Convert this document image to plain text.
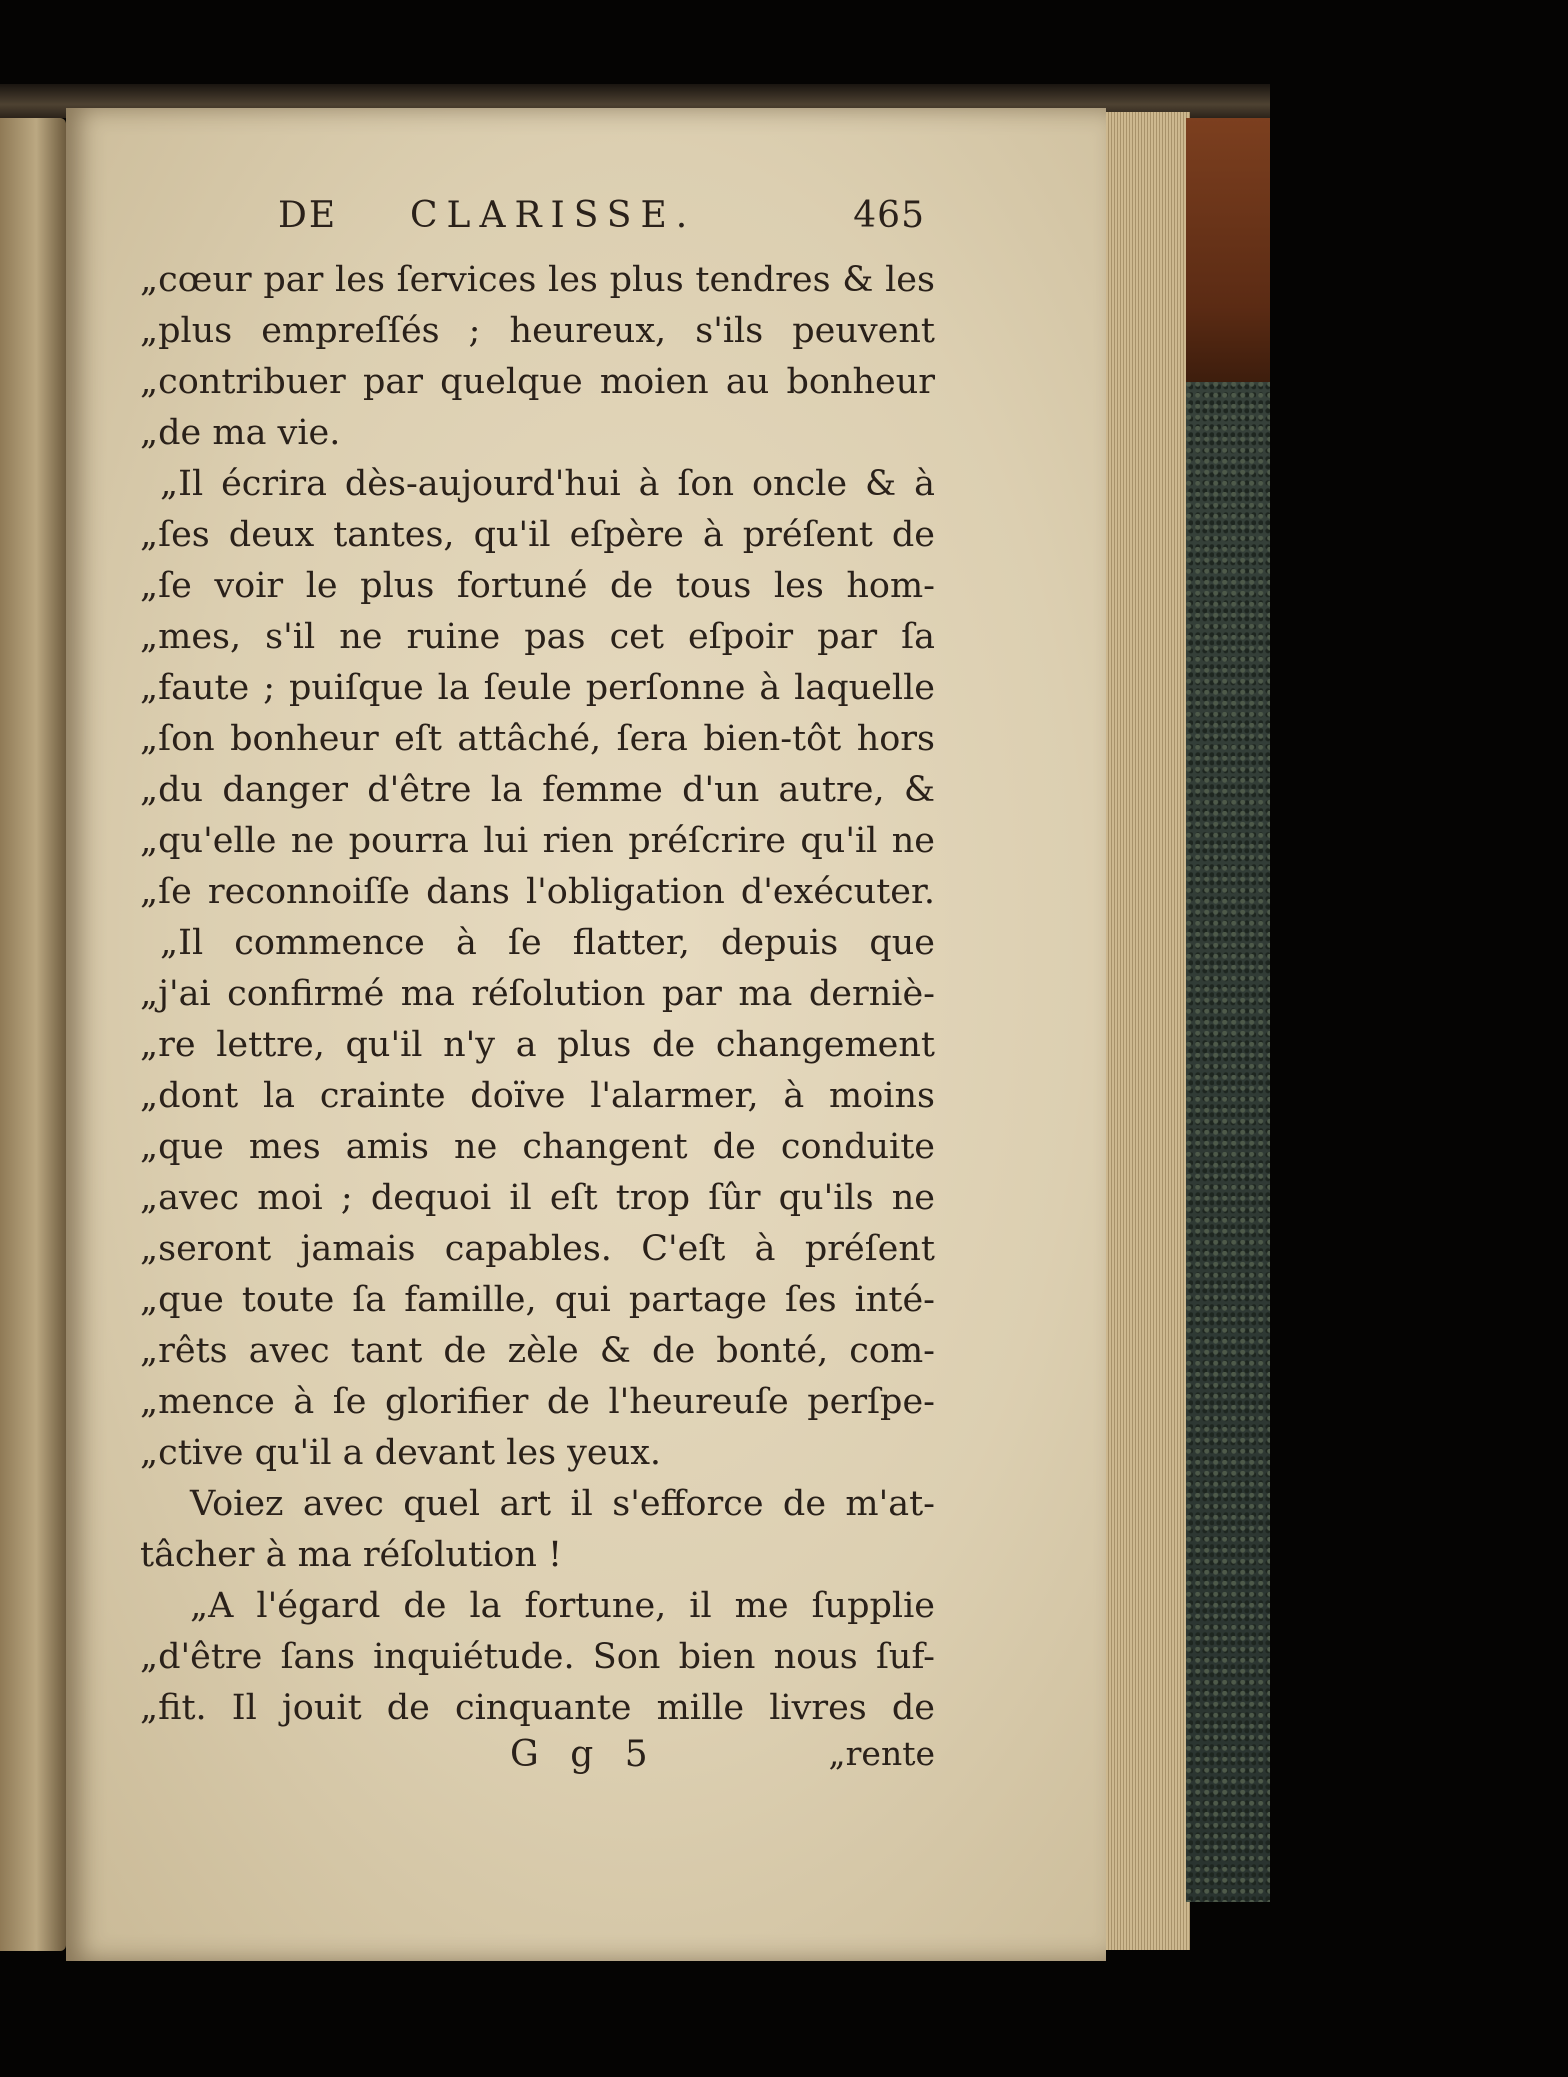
DE CLARISSE.	465
„cœur par les ſervices les plus tendres & les
„plus empreſſés ; heureux, s'ils peuvent
„contribuer par quelque moien au bonheur
„de ma vie.
„Il écrira dès-aujourd'hui à ſon oncle & à
„ſes deux tantes, qu'il eſpère à préſent de
„ſe voir le plus fortuné de tous les hom-
„mes, s'il ne ruine pas cet eſpoir par ſa
„faute ; puiſque la ſeule perſonne à laquelle
„ſon bonheur eſt attâché, ſera bien-tôt hors
„du danger d'être la femme d'un autre, &
„qu'elle ne pourra lui rien préſcrire qu'il ne
„ſe reconnoiſſe dans l'obligation d'exécuter.
„Il commence à ſe flatter, depuis que
„j'ai confirmé ma réſolution par ma derniè-
„re lettre, qu'il n'y a plus de changement
„dont la crainte doïve l'alarmer, à moins
„que mes amis ne changent de conduite
„avec moi ; dequoi il eſt trop ſûr qu'ils ne
„seront jamais capables. C'eſt à préſent
„que toute ſa famille, qui partage ſes inté-
„rêts avec tant de zèle & de bonté, com-
„mence à ſe glorifier de l'heureuſe perſpe-
„ctive qu'il a devant les yeux.
Voiez avec quel art il s'efforce de m'at-
tâcher à ma réſolution !
„A l'égard de la fortune, il me ſupplie
„d'être ſans inquiétude. Son bien nous ſuf-
„fit. Il jouit de cinquante mille livres de
G g 5	„rente
